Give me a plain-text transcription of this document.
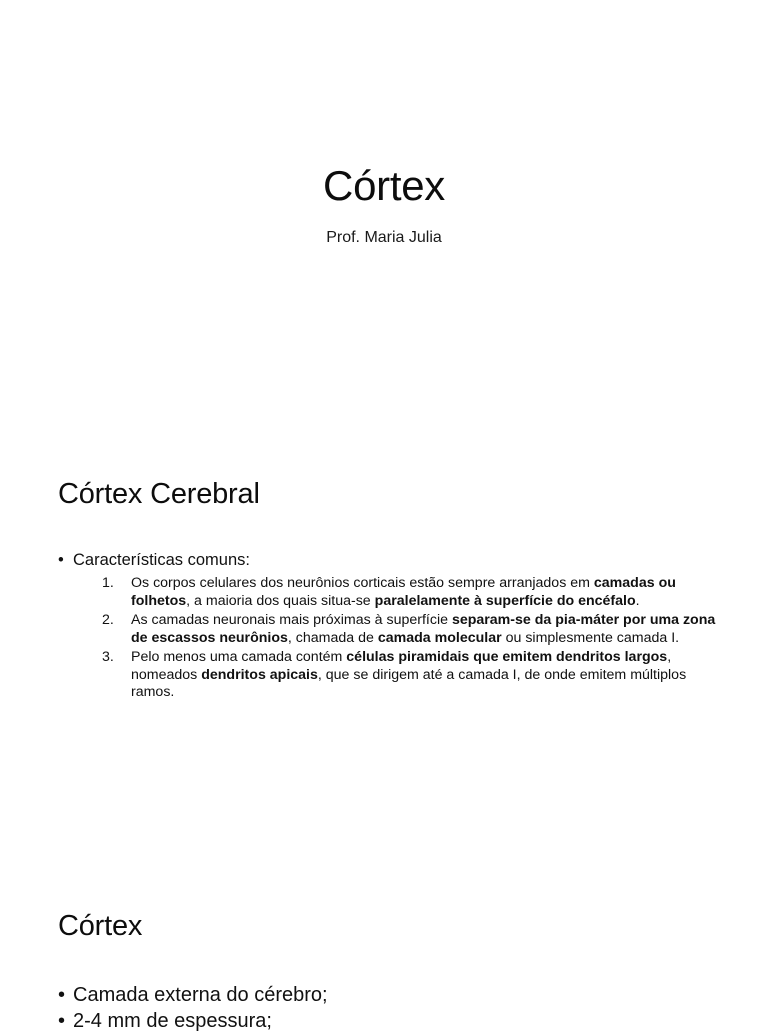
Córtex
Prof. Maria Julia
Córtex Cerebral
• Características comuns:
1. Os corpos celulares dos neurônios corticais estão sempre arranjados em camadas ou folhetos, a maioria dos quais situa-se paralelamente à superfície do encéfalo.
2. As camadas neuronais mais próximas à superfície separam-se da pia-máter por uma zona de escassos neurônios, chamada de camada molecular ou simplesmente camada I.
3. Pelo menos uma camada contém células piramidais que emitem dendritos largos, nomeados dendritos apicais, que se dirigem até a camada I, de onde emitem múltiplos ramos.
Córtex
• Camada externa do cérebro;
• 2-4 mm de espessura;
